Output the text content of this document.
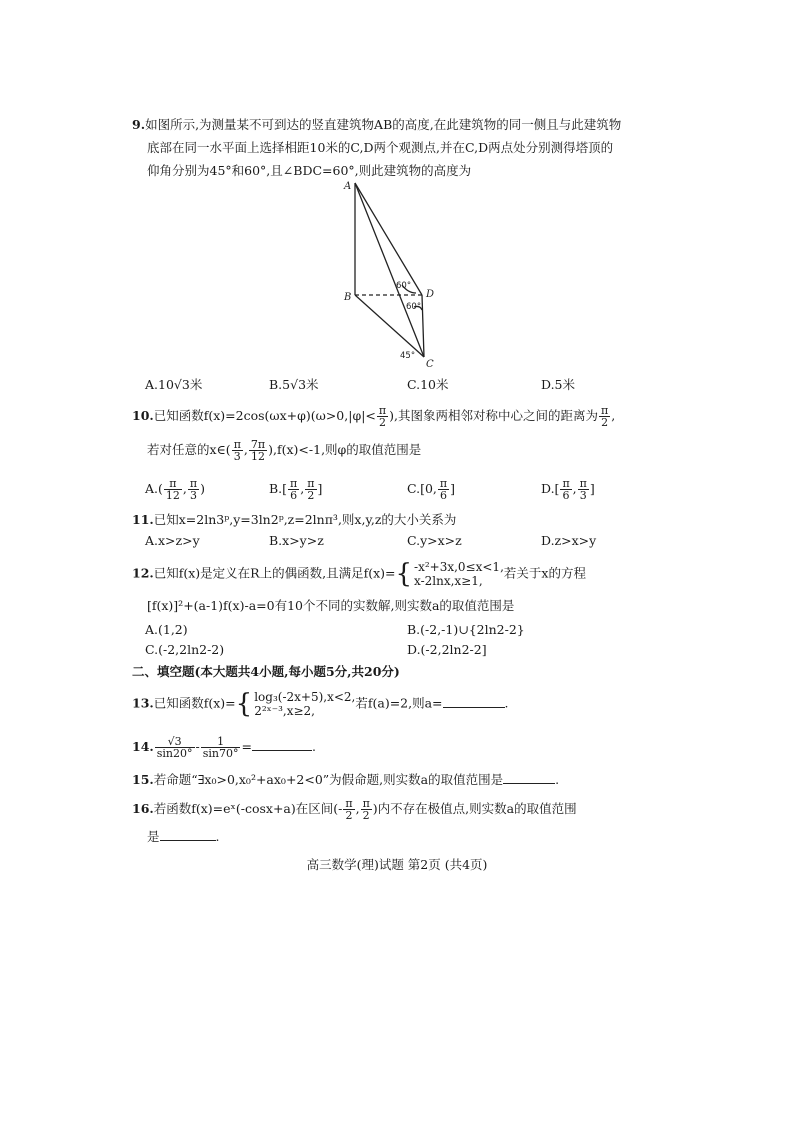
9.如图所示,为测量某不可到达的竖直建筑物AB的高度,在此建筑物的同一侧且与此建筑物
底部在同一水平面上选择相距10米的C,D两个观测点,并在C,D两点处分别测得塔顶的
仰角分别为45°和60°,且∠BDC=60°,则此建筑物的高度为
A
B
C
D
60°
60°
45°
A.10√3米	B.5√3米	C.10米	D.5米
10.已知函数$f(x)=2\cos(\omega x+\varphi)(\omega>0,|\varphi|< \frac{\pi}{2}$ ),其图象两相邻对称中心之间的距离为 $\frac{\pi}{2}$ ,
若对任意的x∈( $\frac{\pi}{3}$ , $\frac{7\pi}{12} ),f(x)<-1$,则φ的取值范围是
$A.( \frac{\pi}{12}$ , $\frac{\pi}{3}$ )	$B.[ \frac{\pi}{6}$ , $\frac{\pi}{2}$ ]	C.[0, $\frac{\pi}{6}$ ]	$D.[ \frac{\pi}{6}$ , $\frac{\pi}{3}$ ]
11.已知x=2ln3ᵖ,y=3ln2ᵖ,z=2lnπ³,则x,y,z的大小关系为
A.x>z>y	B.x>y>z	C.y>x>z	D.z>x>y
12.已知f(x)是定义在R上的偶函数,且满足f(x)={ -x²+3x,0≤x<1,
x-2lnx,x≥1,
若关于x的方程
[f(x)]²+(a-1)f(x)-a=0有10个不同的实数解,则实数a的取值范围是
A.(1,2)	B.(-2,-1)∪{2ln2-2}
C.(-2,2ln2-2)	D.(-2,2ln2-2]
二、填空题(本大题共4小题,每小题5分,共20分)
13.已知函数f(x)={ log₃(-2x+5),x<2,
2²ˣ⁻³,x≥2,
若f(a)=2,则a=	.
14. $\frac{√3}{\sin 20^\circ} - \frac{1}{\sin 70^\circ}$ =	.
15.若命题“∃x₀>0,x₀²+ax₀+2<0”为假命题,则实数a的取值范围是	.
16.若函数f(x)=eˣ(-cosx+a)在区间(- $\frac{\pi}{2}$ , $\frac{\pi}{2}$ )内不存在极值点,则实数a的取值范围
是	.
高三数学(理)试题 第2页 (共4页)
